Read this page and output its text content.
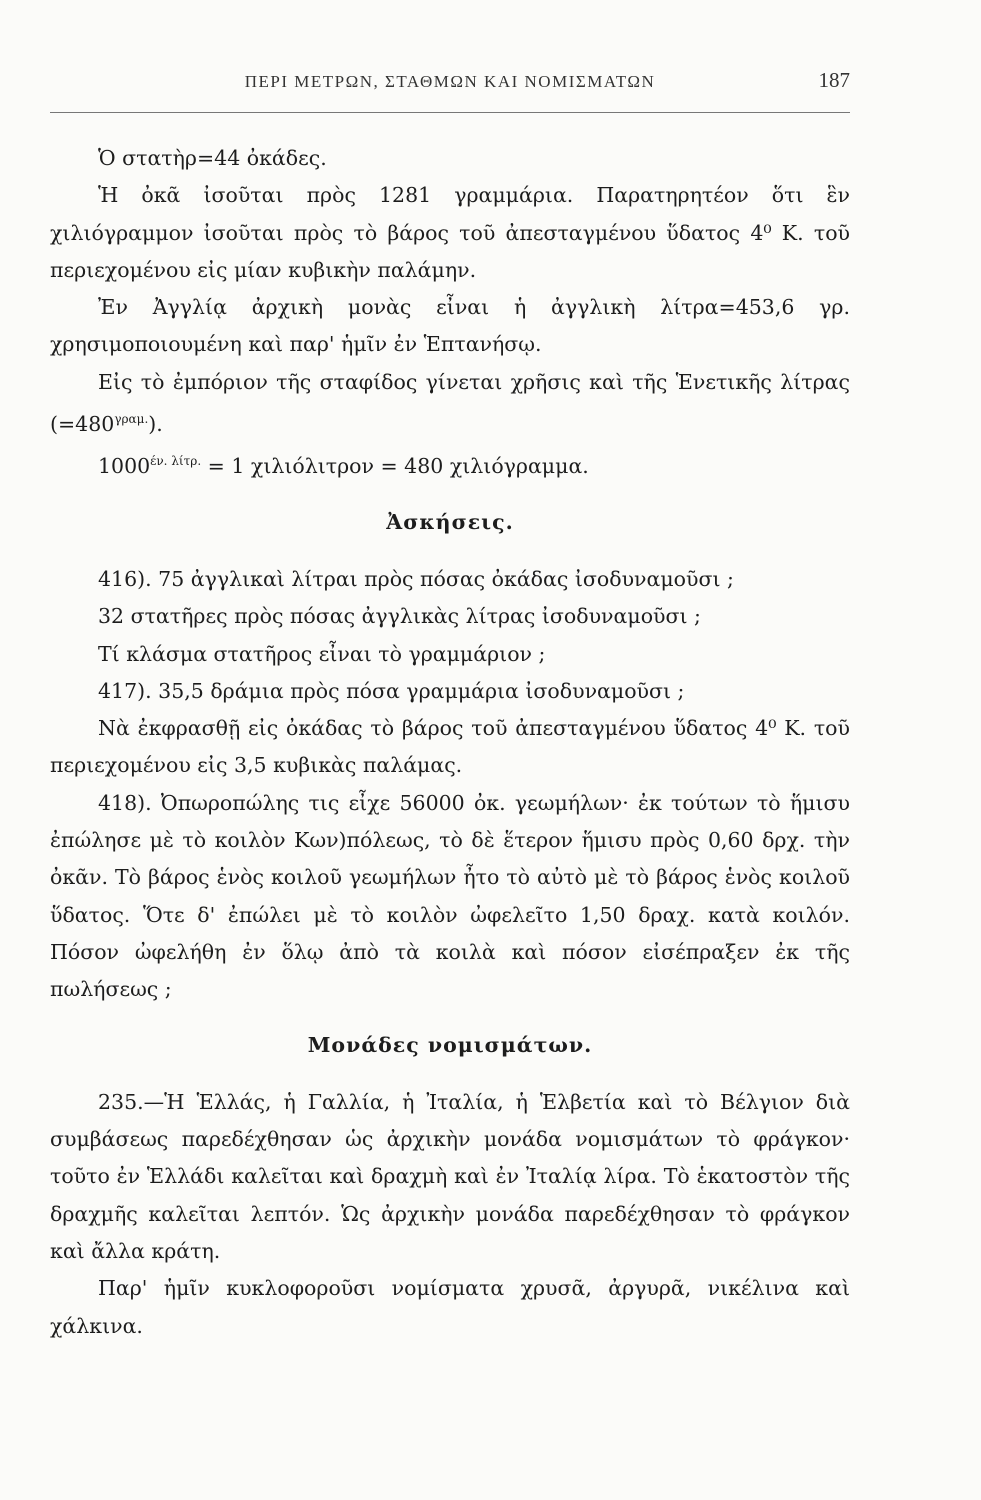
ΠΕΡΙ ΜΕΤΡΩΝ, ΣΤΑΘΜΩΝ ΚΑΙ ΝΟΜΙΣΜΑΤΩΝ	187

Ὁ στατὴρ=44 ὀκάδες.

Ἡ ὀκᾶ ἰσοῦται πρὸς 1281 γραμμάρια. Παρατηρητέον ὅτι ἓν χιλιόγραμμον ἰσοῦται πρὸς τὸ βάρος τοῦ ἀπεσταγμένου ὕδατος 4⁰ Κ. τοῦ περιεχομένου εἰς μίαν κυβικὴν παλάμην.

Ἐν Ἀγγλίᾳ ἀρχικὴ μονὰς εἶναι ἡ ἀγγλικὴ λίτρα=453,6 γρ. χρησιμοποιουμένη καὶ παρ' ἡμῖν ἐν Ἑπτανήσῳ.

Εἰς τὸ ἐμπόριον τῆς σταφίδος γίνεται χρῆσις καὶ τῆς Ἑνετικῆς λίτρας $(=480^{\gamma\rho\alpha\mu.})$.

$1000^{έ\nu. \lambda ί\tau\rho.} = 1$ χιλιόλιτρον = 480 χιλιόγραμμα.

Ἀσκήσεις.

416). 75 ἀγγλικαὶ λίτραι πρὸς πόσας ὀκάδας ἰσοδυναμοῦσι ;

32 στατῆρες πρὸς πόσας ἀγγλικὰς λίτρας ἰσοδυναμοῦσι ;

Τί κλάσμα στατῆρος εἶναι τὸ γραμμάριον ;

417). 35,5 δράμια πρὸς πόσα γραμμάρια ἰσοδυναμοῦσι ;

Νὰ ἐκφρασθῇ εἰς ὀκάδας τὸ βάρος τοῦ ἀπεσταγμένου ὕδατος 4⁰ Κ. τοῦ περιεχομένου εἰς 3,5 κυβικὰς παλάμας.

418). Ὀπωροπώλης τις εἶχε 56000 ὀκ. γεωμήλων· ἐκ τούτων τὸ ἥμισυ ἐπώλησε μὲ τὸ κοιλὸν Κων)πόλεως, τὸ δὲ ἕτερον ἥμισυ πρὸς 0,60 δρχ. τὴν ὀκᾶν. Τὸ βάρος ἑνὸς κοιλοῦ γεωμήλων ἦτο τὸ αὐτὸ μὲ τὸ βάρος ἑνὸς κοιλοῦ ὕδατος. Ὅτε δ' ἐπώλει μὲ τὸ κοιλὸν ὠφελεῖτο 1,50 δραχ. κατὰ κοιλόν. Πόσον ὠφελήθη ἐν ὅλῳ ἀπὸ τὰ κοιλὰ καὶ πόσον εἰσέπραξεν ἐκ τῆς πωλήσεως ;

Μονάδες νομισμάτων.

235.—Ἡ Ἑλλάς, ἡ Γαλλία, ἡ Ἰταλία, ἡ Ἑλβετία καὶ τὸ Βέλγιον διὰ συμβάσεως παρεδέχθησαν ὡς ἀρχικὴν μονάδα νομισμάτων τὸ φράγκον· τοῦτο ἐν Ἑλλάδι καλεῖται καὶ δραχμὴ καὶ ἐν Ἰταλίᾳ λίρα. Τὸ ἑκατοστὸν τῆς δραχμῆς καλεῖται λεπτόν. Ὡς ἀρχικὴν μονάδα παρεδέχθησαν τὸ φράγκον καὶ ἄλλα κράτη.

Παρ' ἡμῖν κυκλοφοροῦσι νομίσματα χρυσᾶ, ἀργυρᾶ, νικέλινα καὶ χάλκινα.
